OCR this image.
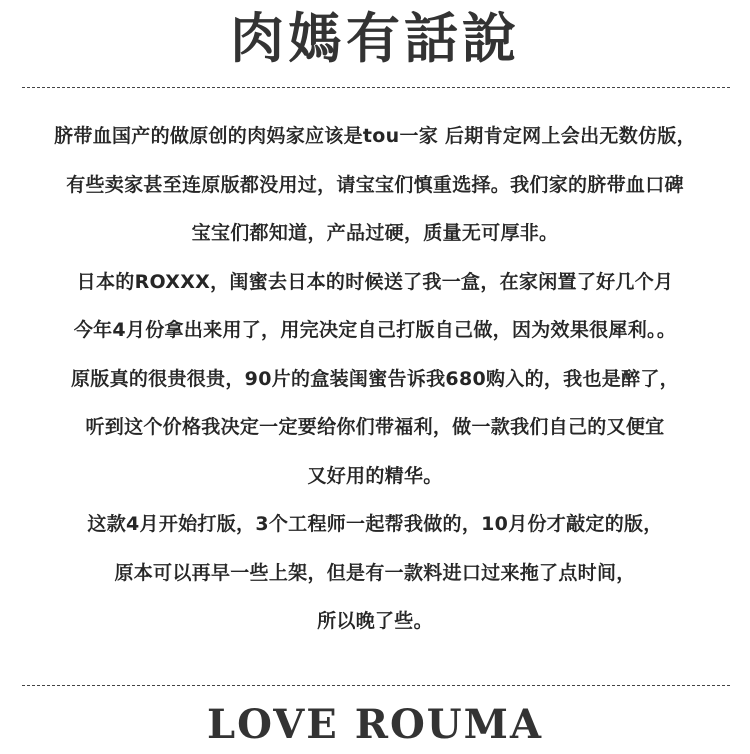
肉媽有話說
脐带血国产的做原创的肉妈家应该是tou一家 后期肯定网上会出无数仿版，
有些卖家甚至连原版都没用过，请宝宝们慎重选择。我们家的脐带血口碑
宝宝们都知道，产品过硬，质量无可厚非。
日本的ROXXX，闺蜜去日本的时候送了我一盒，在家闲置了好几个月
今年4月份拿出来用了，用完决定自己打版自己做，因为效果很犀利。。
原版真的很贵很贵，90片的盒装闺蜜告诉我680购入的，我也是醉了，
听到这个价格我决定一定要给你们带福利，做一款我们自己的又便宜
又好用的精华。
这款4月开始打版，3个工程师一起帮我做的，10月份才敲定的版，
原本可以再早一些上架，但是有一款料进口过来拖了点时间，
所以晚了些。
LOVE ROUMA
